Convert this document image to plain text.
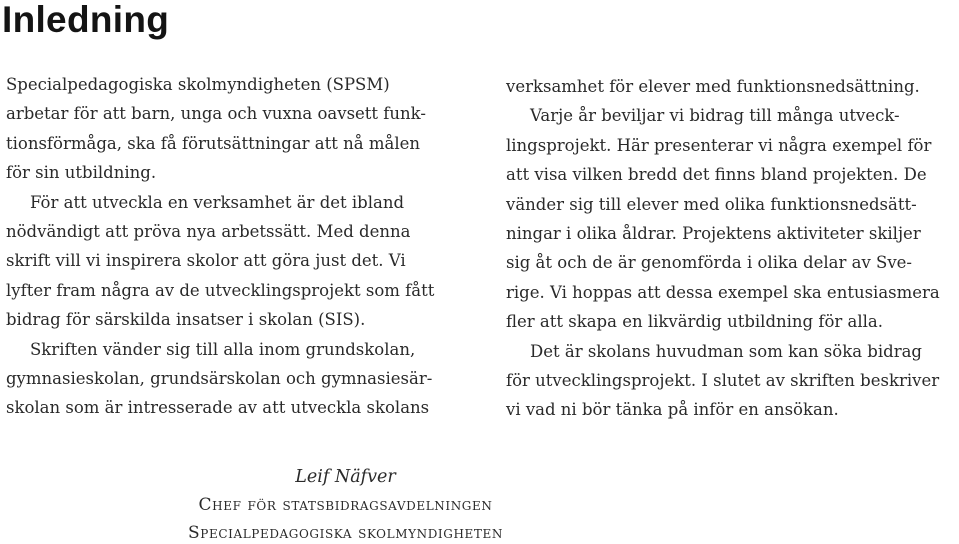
Inledning

Specialpedagogiska skolmyndigheten (SPSM)

arbetar för att barn, unga och vuxna oavsett funk-

tionsförmåga, ska få förutsättningar att nå målen

för sin utbildning.

För att utveckla en verksamhet är det ibland

nödvändigt att pröva nya arbetssätt. Med denna

skrift vill vi inspirera skolor att göra just det. Vi

lyfter fram några av de utvecklingsprojekt som fått

bidrag för särskilda insatser i skolan (SIS).

Skriften vänder sig till alla inom grundskolan,

gymnasieskolan, grundsärskolan och gymnasiesär-

skolan som är intresserade av att utveckla skolans

verksamhet för elever med funktionsnedsättning.

Varje år beviljar vi bidrag till många utveck-

lingsprojekt. Här presenterar vi några exempel för

att visa vilken bredd det finns bland projekten. De

vänder sig till elever med olika funktionsnedsätt-

ningar i olika åldrar. Projektens aktiviteter skiljer

sig åt och de är genomförda i olika delar av Sve-

rige. Vi hoppas att dessa exempel ska entusiasmera

fler att skapa en likvärdig utbildning för alla.

Det är skolans huvudman som kan söka bidrag

för utvecklingsprojekt. I slutet av skriften beskriver

vi vad ni bör tänka på inför en ansökan.

Leif Näfver

Chef för statsbidragsavdelningen

Specialpedagogiska skolmyndigheten
